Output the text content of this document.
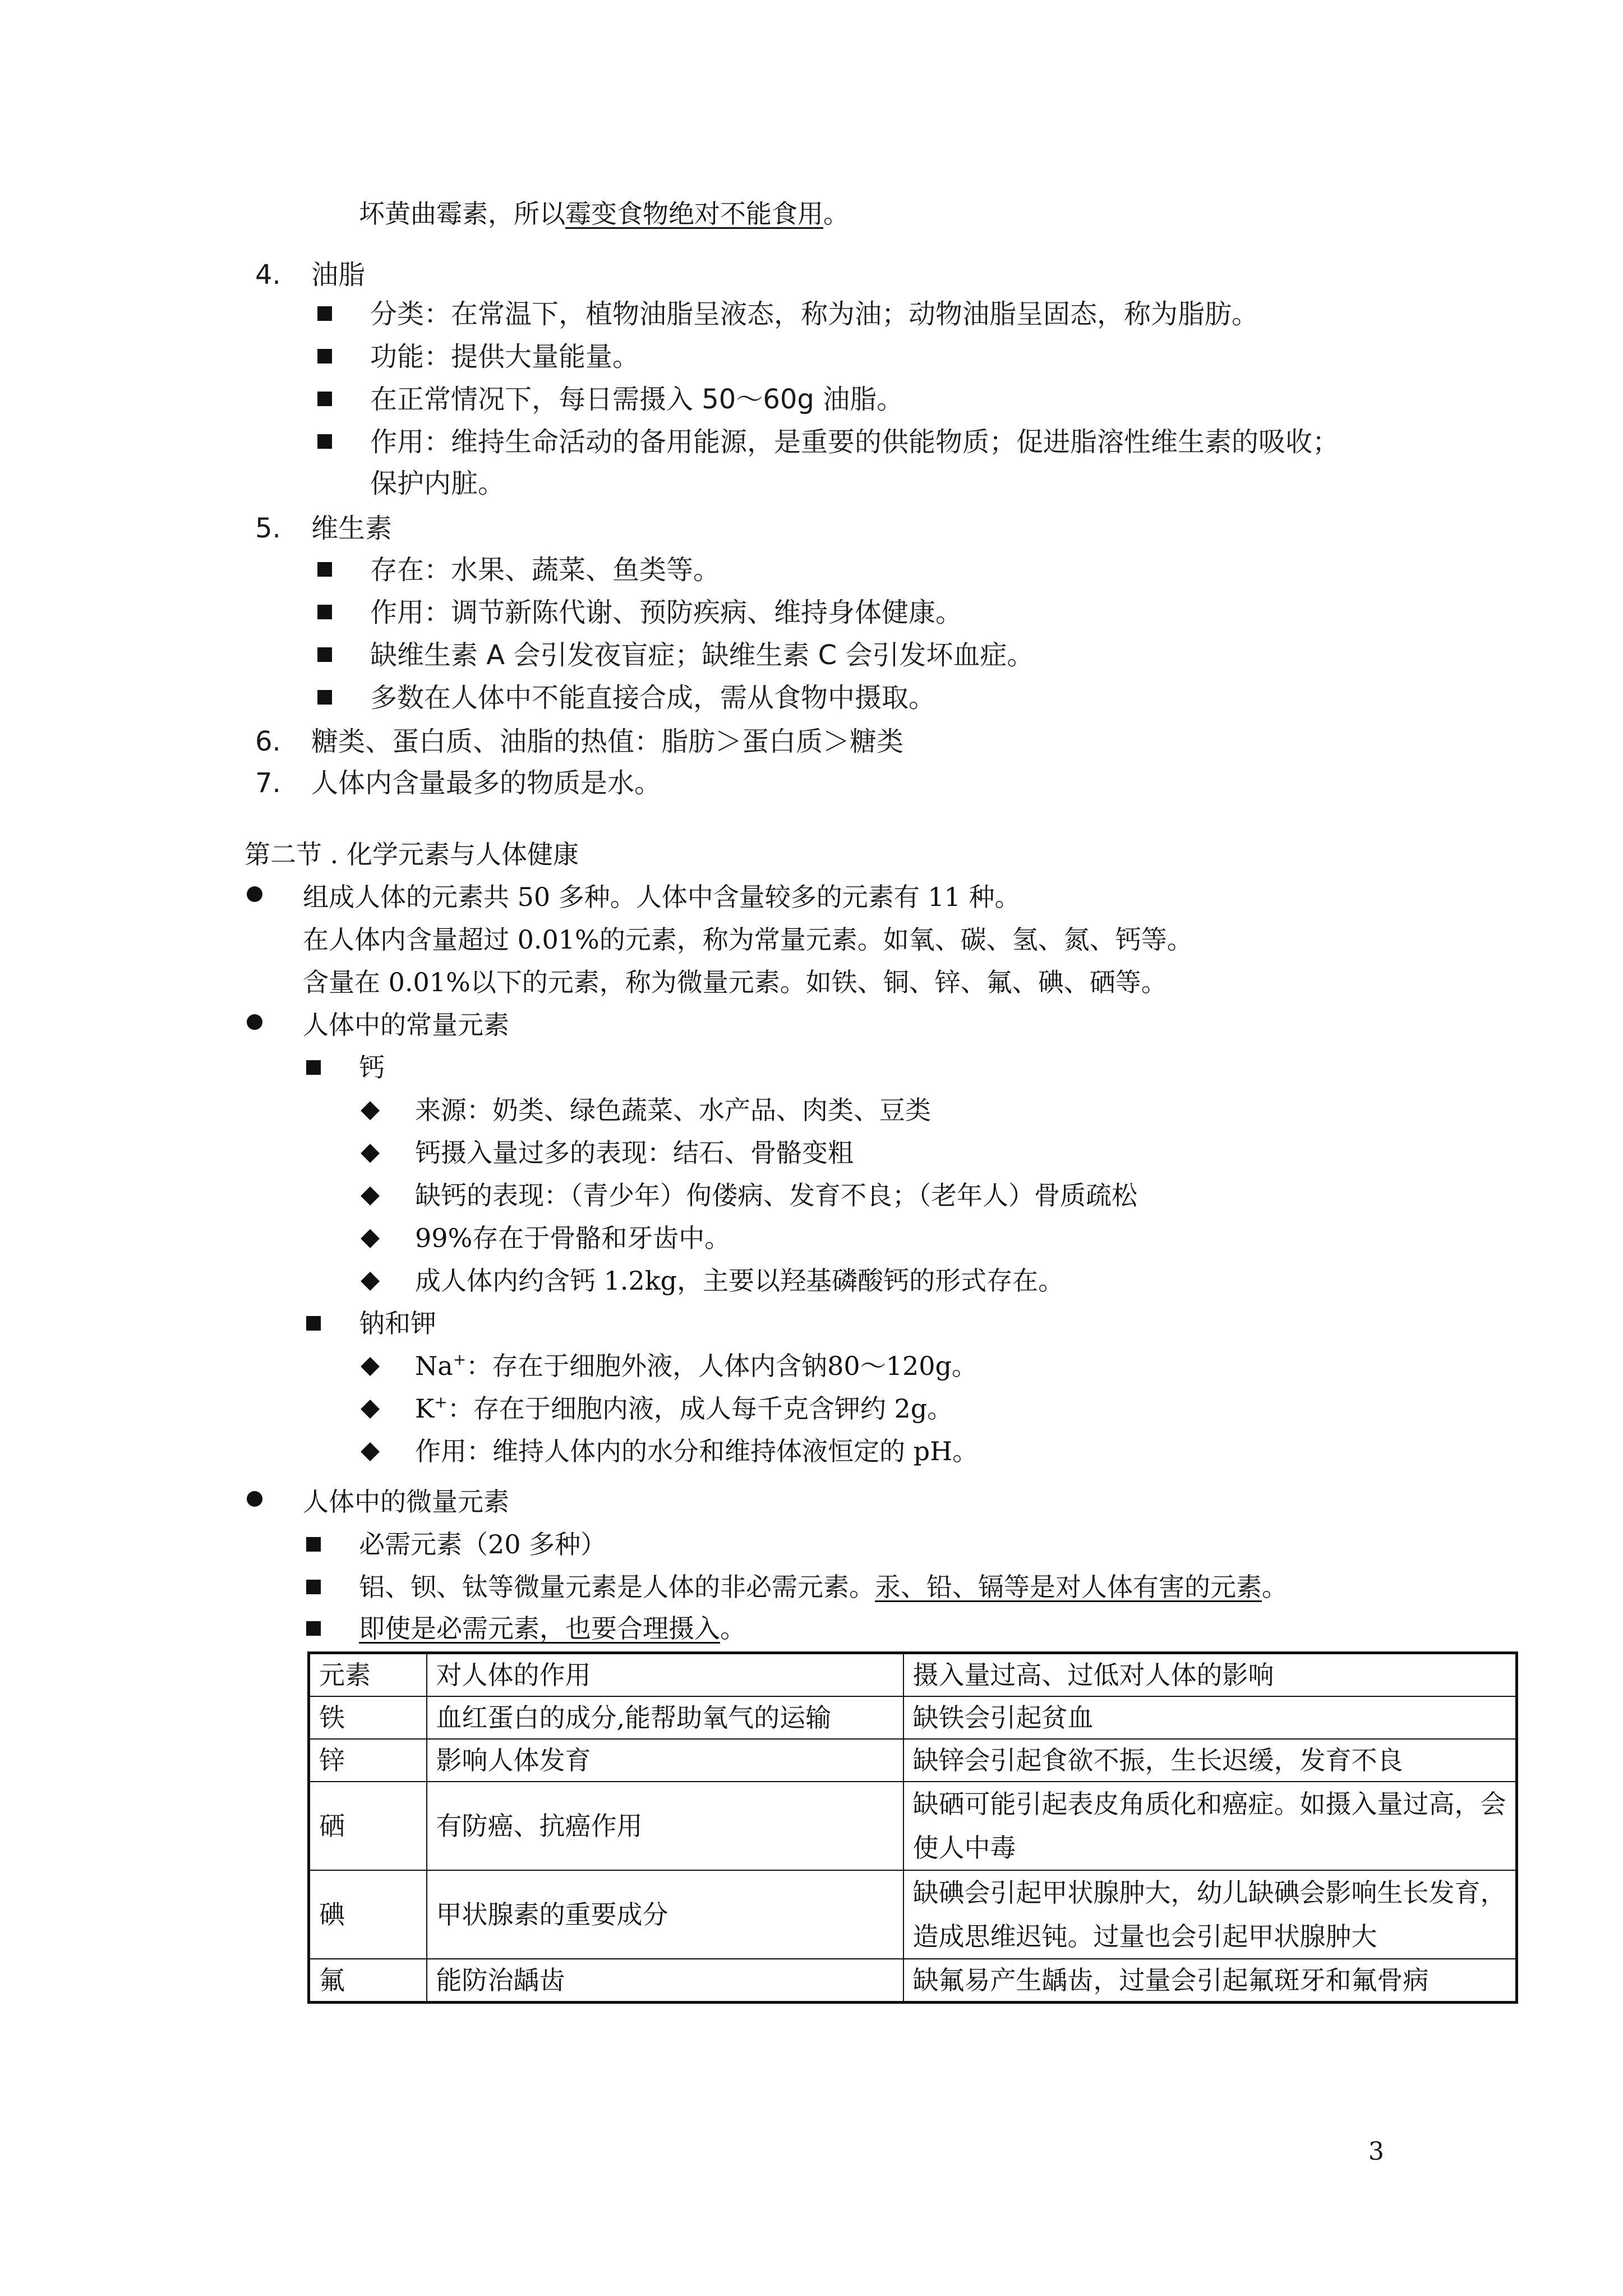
坏黄曲霉素，所以霉变食物绝对不能食用。
4. 油脂
分类：在常温下，植物油脂呈液态，称为油；动物油脂呈固态，称为脂肪。
功能：提供大量能量。
在正常情况下，每日需摄入 50～60g 油脂。
作用：维持生命活动的备用能源，是重要的供能物质；促进脂溶性维生素的吸收；
保护内脏。
5. 维生素
存在：水果、蔬菜、鱼类等。
作用：调节新陈代谢、预防疾病、维持身体健康。
缺维生素 A 会引发夜盲症；缺维生素 C 会引发坏血症。
多数在人体中不能直接合成，需从食物中摄取。
6. 糖类、蛋白质、油脂的热值：脂肪＞蛋白质＞糖类
7. 人体内含量最多的物质是水。
第二节 . 化学元素与人体健康
组成人体的元素共 50 多种。人体中含量较多的元素有 11 种。
在人体内含量超过 0.01%的元素，称为常量元素。如氧、碳、氢、氮、钙等。
含量在 0.01%以下的元素，称为微量元素。如铁、铜、锌、氟、碘、硒等。
人体中的常量元素
钙
来源：奶类、绿色蔬菜、水产品、肉类、豆类
钙摄入量过多的表现：结石、骨骼变粗
缺钙的表现：（青少年）佝偻病、发育不良；（老年人）骨质疏松
99%存在于骨骼和牙齿中。
成人体内约含钙 1.2kg，主要以羟基磷酸钙的形式存在。
钠和钾
Na+：存在于细胞外液，人体内含钠80～120g。
K+：存在于细胞内液，成人每千克含钾约 2g。
作用：维持人体内的水分和维持体液恒定的 pH。
人体中的微量元素
必需元素（20 多种）
铝、钡、钛等微量元素是人体的非必需元素。汞、铅、镉等是对人体有害的元素。
即使是必需元素，也要合理摄入。
元素	对人体的作用	摄入量过高、过低对人体的影响
铁	血红蛋白的成分,能帮助氧气的运输	缺铁会引起贫血
锌	影响人体发育	缺锌会引起食欲不振，生长迟缓，发育不良
硒	有防癌、抗癌作用	缺硒可能引起表皮角质化和癌症。如摄入量过高，会使人中毒
碘	甲状腺素的重要成分	缺碘会引起甲状腺肿大，幼儿缺碘会影响生长发育，造成思维迟钝。过量也会引起甲状腺肿大
氟	能防治龋齿	缺氟易产生龋齿，过量会引起氟斑牙和氟骨病
3
